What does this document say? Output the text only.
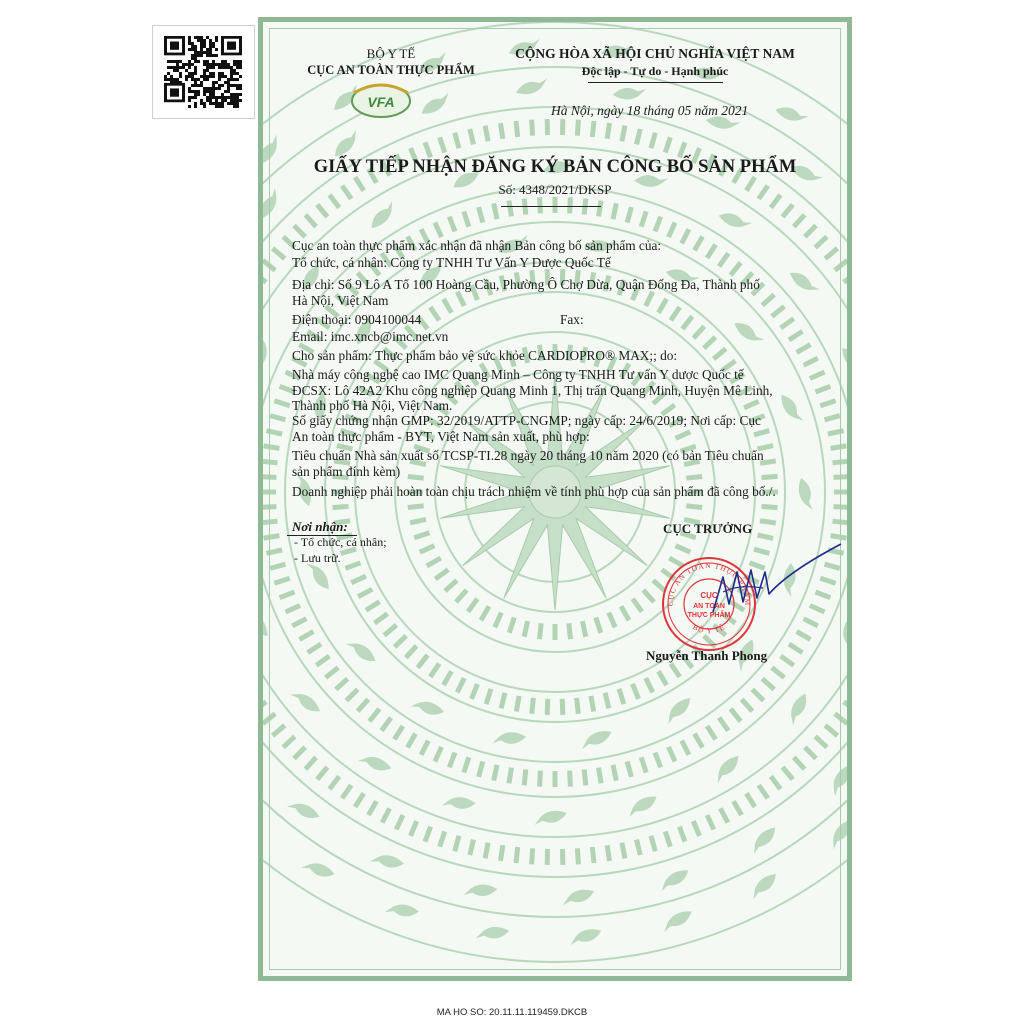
BỘ Y TẾ
CỤC AN TOÀN THỰC PHẨM
VFA
CỘNG HÒA XÃ HỘI CHỦ NGHĨA VIỆT NAM
Độc lập - Tự do - Hạnh phúc
Hà Nội, ngày 18 tháng 05 năm 2021
GIẤY TIẾP NHẬN ĐĂNG KÝ BẢN CÔNG BỐ SẢN PHẨM
Số: 4348/2021/DKSP
Cục an toàn thực phẩm xác nhận đã nhận Bản công bố sản phẩm của:
Tổ chức, cá nhân: Công ty TNHH Tư Vấn Y Dược Quốc Tế
Địa chỉ: Số 9 Lô A Tổ 100 Hoàng Cầu, Phường Ô Chợ Dừa, Quận Đống Đa, Thành phố
Hà Nội, Việt Nam
Điện thoại: 0904100044	Fax:
Email: imc.xncb@imc.net.vn
Cho sản phẩm: Thực phẩm bảo vệ sức khỏe CARDIOPRO® MAX;; do:
Nhà máy công nghệ cao IMC Quang Minh – Công ty TNHH Tư vấn Y dược Quốc tế
ĐCSX: Lô 42A2 Khu công nghiệp Quang Minh 1, Thị trấn Quang Minh, Huyện Mê Linh,
Thành phố Hà Nội, Việt Nam.
Số giấy chứng nhận GMP: 32/2019/ATTP-CNGMP; ngày cấp: 24/6/2019; Nơi cấp: Cục
An toàn thực phẩm - BYT, Việt Nam sản xuất, phù hợp:
Tiêu chuẩn Nhà sản xuất số TCSP-TI.28 ngày 20 tháng 10 năm 2020 (có bản Tiêu chuẩn
sản phẩm đính kèm)
Doanh nghiệp phải hoàn toàn chịu trách nhiệm về tính phù hợp của sản phẩm đã công bố./.
Nơi nhận:
- Tổ chức, cá nhân;
- Lưu trữ.
CỤC TRƯỞNG
CỤC AN TOÀN THỰC PHẨM
BỘ Y TẾ
CỤC
AN TOÀN
THỰC PHẨM
Nguyễn Thanh Phong
MA HO SO: 20.11.11.119459.DKCB
